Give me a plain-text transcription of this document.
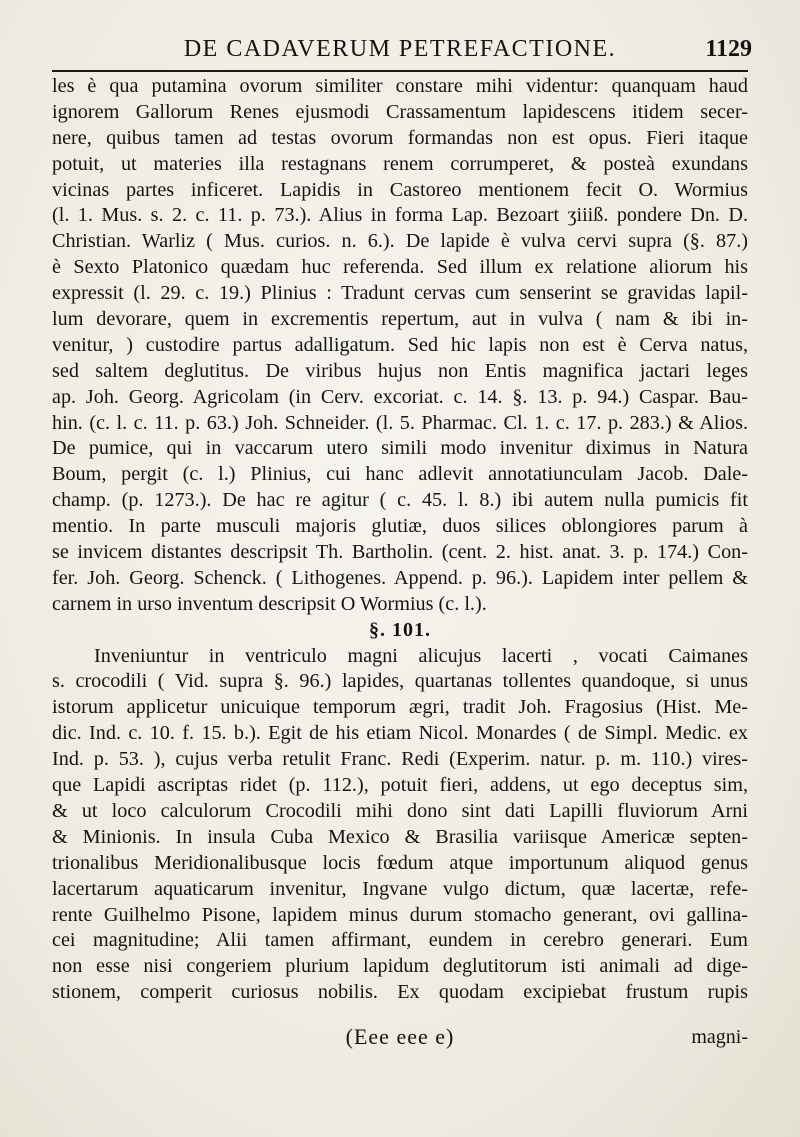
DE CADAVERUM PETREFACTIONE.	1129
les è qua putamina ovorum similiter constare mihi videntur: quanquam haud
ignorem Gallorum Renes ejusmodi Crassamentum lapidescens itidem secer-
nere, quibus tamen ad testas ovorum formandas non est opus. Fieri itaque
potuit, ut materies illa restagnans renem corrumperet, & posteà exundans
vicinas partes inficeret. Lapidis in Castoreo mentionem fecit O. Wormius
(l. 1. Mus. s. 2. c. 11. p. 73.). Alius in forma Lap. Bezoart ʒiiiß. pondere Dn. D.
Christian. Warliz ( Mus. curios. n. 6.). De lapide è vulva cervi supra (§. 87.)
è Sexto Platonico quædam huc referenda. Sed illum ex relatione aliorum his
expressit (l. 29. c. 19.) Plinius : Tradunt cervas cum senserint se gravidas lapil-
lum devorare, quem in excrementis repertum, aut in vulva ( nam & ibi in-
venitur, ) custodire partus adalligatum. Sed hic lapis non est è Cerva natus,
sed saltem deglutitus. De viribus hujus non Entis magnifica jactari leges
ap. Joh. Georg. Agricolam (in Cerv. excoriat. c. 14. §. 13. p. 94.) Caspar. Bau-
hin. (c. l. c. 11. p. 63.) Joh. Schneider. (l. 5. Pharmac. Cl. 1. c. 17. p. 283.) & Alios.
De pumice, qui in vaccarum utero simili modo invenitur diximus in Natura
Boum, pergit (c. l.) Plinius, cui hanc adlevit annotatiunculam Jacob. Dale-
champ. (p. 1273.). De hac re agitur ( c. 45. l. 8.) ibi autem nulla pumicis fit
mentio. In parte musculi majoris glutiæ, duos silices oblongiores parum à
se invicem distantes descripsit Th. Bartholin. (cent. 2. hist. anat. 3. p. 174.) Con-
fer. Joh. Georg. Schenck. ( Lithogenes. Append. p. 96.). Lapidem inter pellem &
carnem in urso inventum descripsit O Wormius (c. l.).
§. 101.
Inveniuntur in ventriculo magni alicujus lacerti , vocati Caimanes
s. crocodili ( Vid. supra §. 96.) lapides, quartanas tollentes quandoque, si unus
istorum applicetur unicuique temporum ægri, tradit Joh. Fragosius (Hist. Me-
dic. Ind. c. 10. f. 15. b.). Egit de his etiam Nicol. Monardes ( de Simpl. Medic. ex
Ind. p. 53. ), cujus verba retulit Franc. Redi (Experim. natur. p. m. 110.) vires-
que Lapidi ascriptas ridet (p. 112.), potuit fieri, addens, ut ego deceptus sim,
& ut loco calculorum Crocodili mihi dono sint dati Lapilli fluviorum Arni
& Minionis. In insula Cuba Mexico & Brasilia variisque Americæ septen-
trionalibus Meridionalibusque locis fœdum atque importunum aliquod genus
lacertarum aquaticarum invenitur, Ingvane vulgo dictum, quæ lacertæ, refe-
rente Guilhelmo Pisone, lapidem minus durum stomacho generant, ovi gallina-
cei magnitudine; Alii tamen affirmant, eundem in cerebro generari. Eum
non esse nisi congeriem plurium lapidum deglutitorum isti animali ad dige-
stionem, comperit curiosus nobilis. Ex quodam excipiebat frustum rupis
(Eee eee e)	magni-
